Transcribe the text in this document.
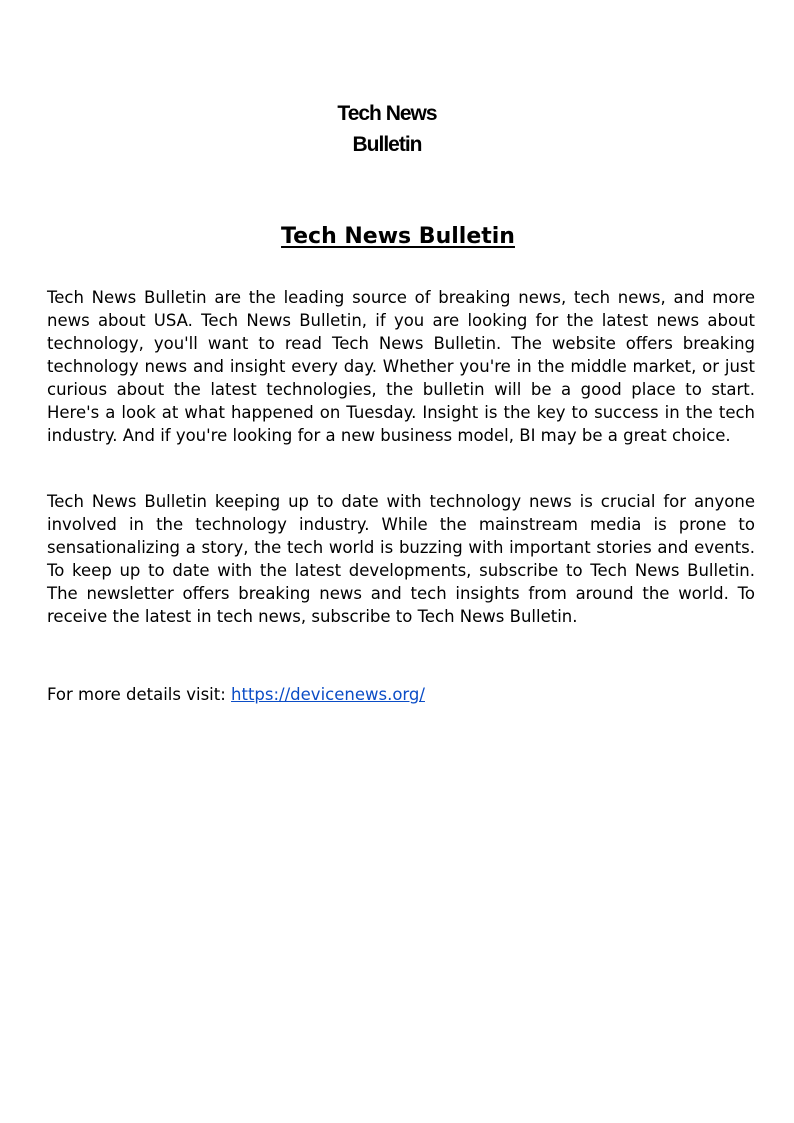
Tech News
Bulletin
Tech News Bulletin

Tech News Bulletin are the leading source of breaking news, tech news, and more news about USA. Tech News Bulletin, if you are looking for the latest news about technology, you'll want to read Tech News Bulletin. The website offers breaking technology news and insight every day. Whether you're in the middle market, or just curious about the latest technologies, the bulletin will be a good place to start. Here's a look at what happened on Tuesday. Insight is the key to success in the tech industry. And if you're looking for a new business model, BI may be a great choice.

Tech News Bulletin keeping up to date with technology news is crucial for anyone involved in the technology industry. While the mainstream media is prone to sensationalizing a story, the tech world is buzzing with important stories and events. To keep up to date with the latest developments, subscribe to Tech News Bulletin. The newsletter offers breaking news and tech insights from around the world. To receive the latest in tech news, subscribe to Tech News Bulletin.

For more details visit: https://devicenews.org/
